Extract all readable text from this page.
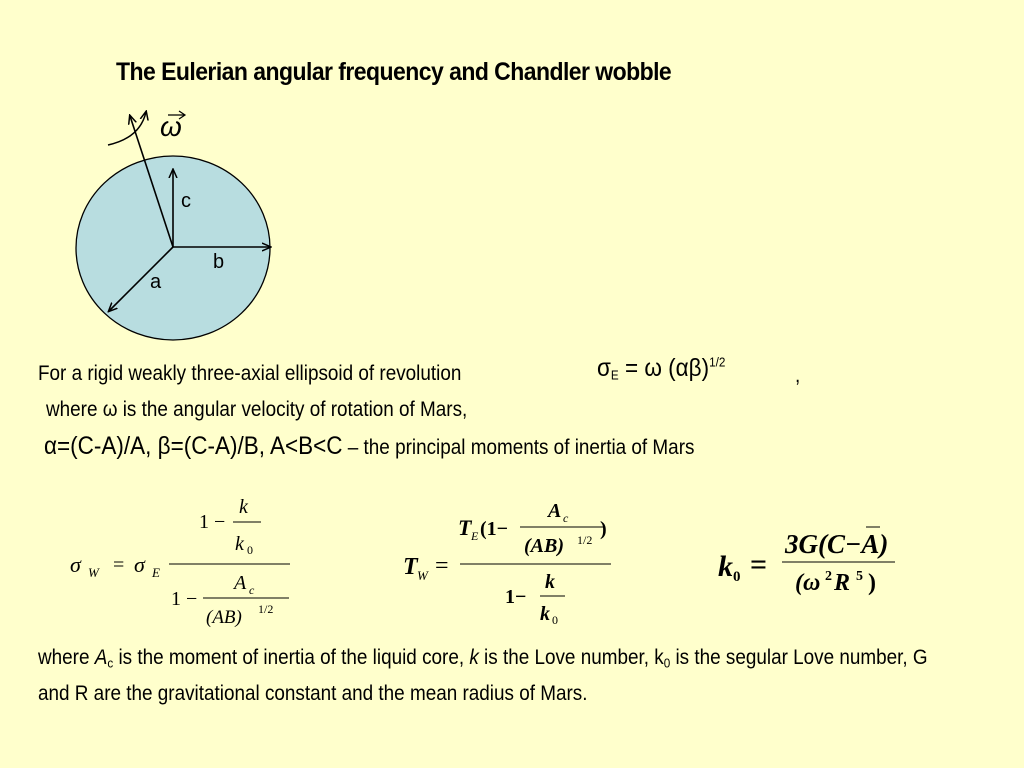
The Eulerian angular frequency and Chandler wobble
ω
c
b
a
For a rigid weakly three-axial ellipsoid of revolution	$\sigma_E = \omega$ $(\alpha\beta)^{1/2}$
,
where ω is the angular velocity of rotation of Mars,
α=(C-A)/A, β=(C-A)/B, A<B<C – the principal moments of inertia of Mars
σ W = σ E
1 −
k
k 0
1 −
A c
(AB) 1/2
T W =
T E (1−
A c
(AB) 1/2 )
1−
k
k 0
k 0 =
3G(C−A)
(ω 2 R 5 )
where $A_c$ is the moment of inertia of the liquid core, k is the Love number, $k_0$ is the segular Love number, G and R are the gravitational constant and the mean radius of Mars.
